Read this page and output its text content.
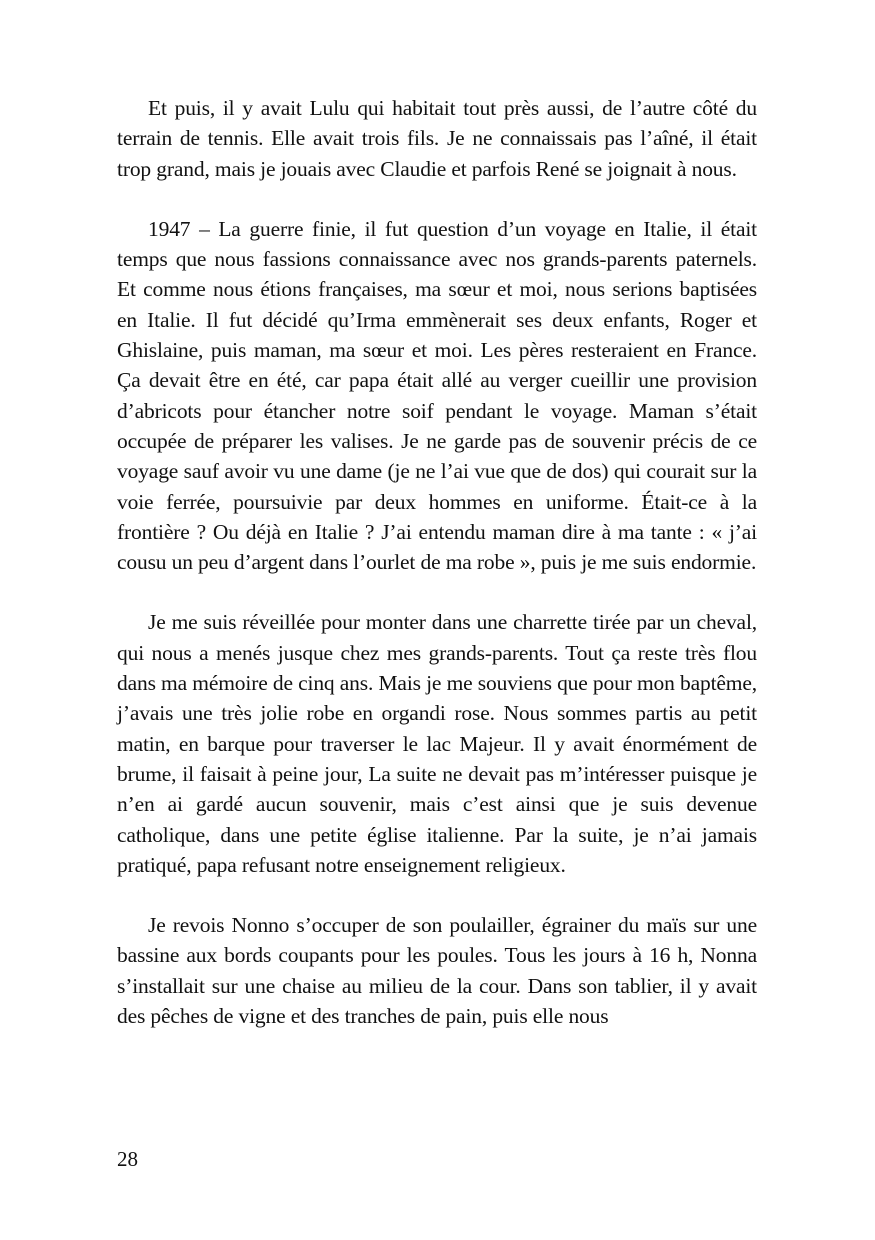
Et puis, il y avait Lulu qui habitait tout près aussi, de l’autre côté du terrain de tennis. Elle avait trois fils. Je ne connaissais pas l’aîné, il était trop grand, mais je jouais avec Claudie et parfois René se joignait à nous.

1947 – La guerre finie, il fut question d’un voyage en Italie, il était temps que nous fassions connaissance avec nos grands-parents paternels. Et comme nous étions françaises, ma sœur et moi, nous serions baptisées en Italie. Il fut décidé qu’Irma emmènerait ses deux enfants, Roger et Ghislaine, puis maman, ma sœur et moi. Les pères resteraient en France. Ça devait être en été, car papa était allé au verger cueillir une provision d’abricots pour étancher notre soif pendant le voyage. Maman s’était occupée de préparer les valises. Je ne garde pas de souvenir précis de ce voyage sauf avoir vu une dame (je ne l’ai vue que de dos) qui courait sur la voie ferrée, poursuivie par deux hommes en uniforme. Était-ce à la frontière ? Ou déjà en Italie ? J’ai entendu maman dire à ma tante : « j’ai cousu un peu d’argent dans l’ourlet de ma robe », puis je me suis endormie.

Je me suis réveillée pour monter dans une charrette tirée par un cheval, qui nous a menés jusque chez mes grands-parents. Tout ça reste très flou dans ma mémoire de cinq ans. Mais je me souviens que pour mon baptême, j’avais une très jolie robe en organdi rose. Nous sommes partis au petit matin, en barque pour traverser le lac Majeur. Il y avait énormément de brume, il faisait à peine jour, La suite ne devait pas m’intéresser puisque je n’en ai gardé aucun souvenir, mais c’est ainsi que je suis devenue catholique, dans une petite église italienne. Par la suite, je n’ai jamais pratiqué, papa refusant notre enseignement religieux.

Je revois Nonno s’occuper de son poulailler, égrainer du maïs sur une bassine aux bords coupants pour les poules. Tous les jours à 16 h, Nonna s’installait sur une chaise au milieu de la cour. Dans son tablier, il y avait des pêches de vigne et des tranches de pain, puis elle nous

28
